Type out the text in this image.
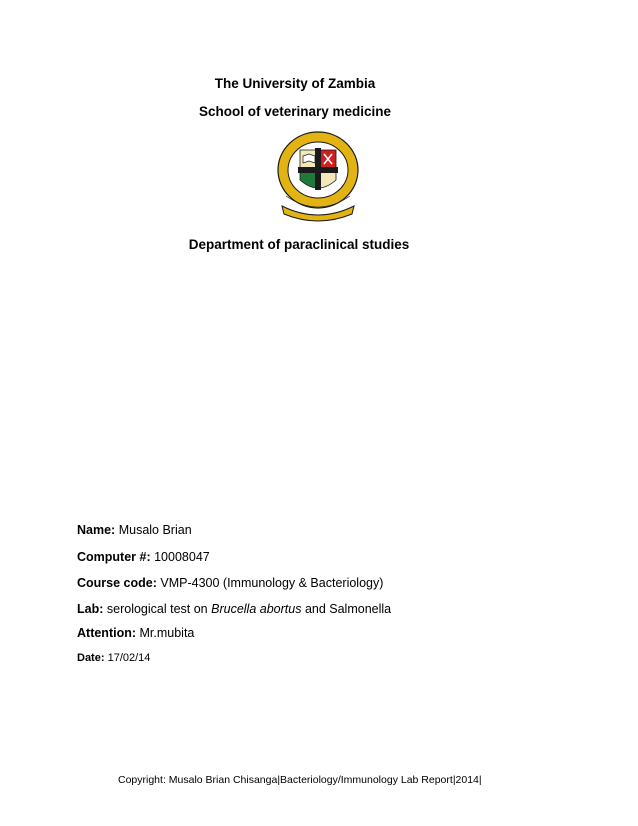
The University of Zambia
School of veterinary medicine
Department of paraclinical studies
Name: Musalo Brian
Computer #: 10008047
Course code: VMP-4300 (Immunology & Bacteriology)
Lab: serological test on Brucella abortus and Salmonella
Attention: Mr.mubita
Date: 17/02/14
Copyright: Musalo Brian Chisanga|Bacteriology/Immunology Lab Report|2014|
